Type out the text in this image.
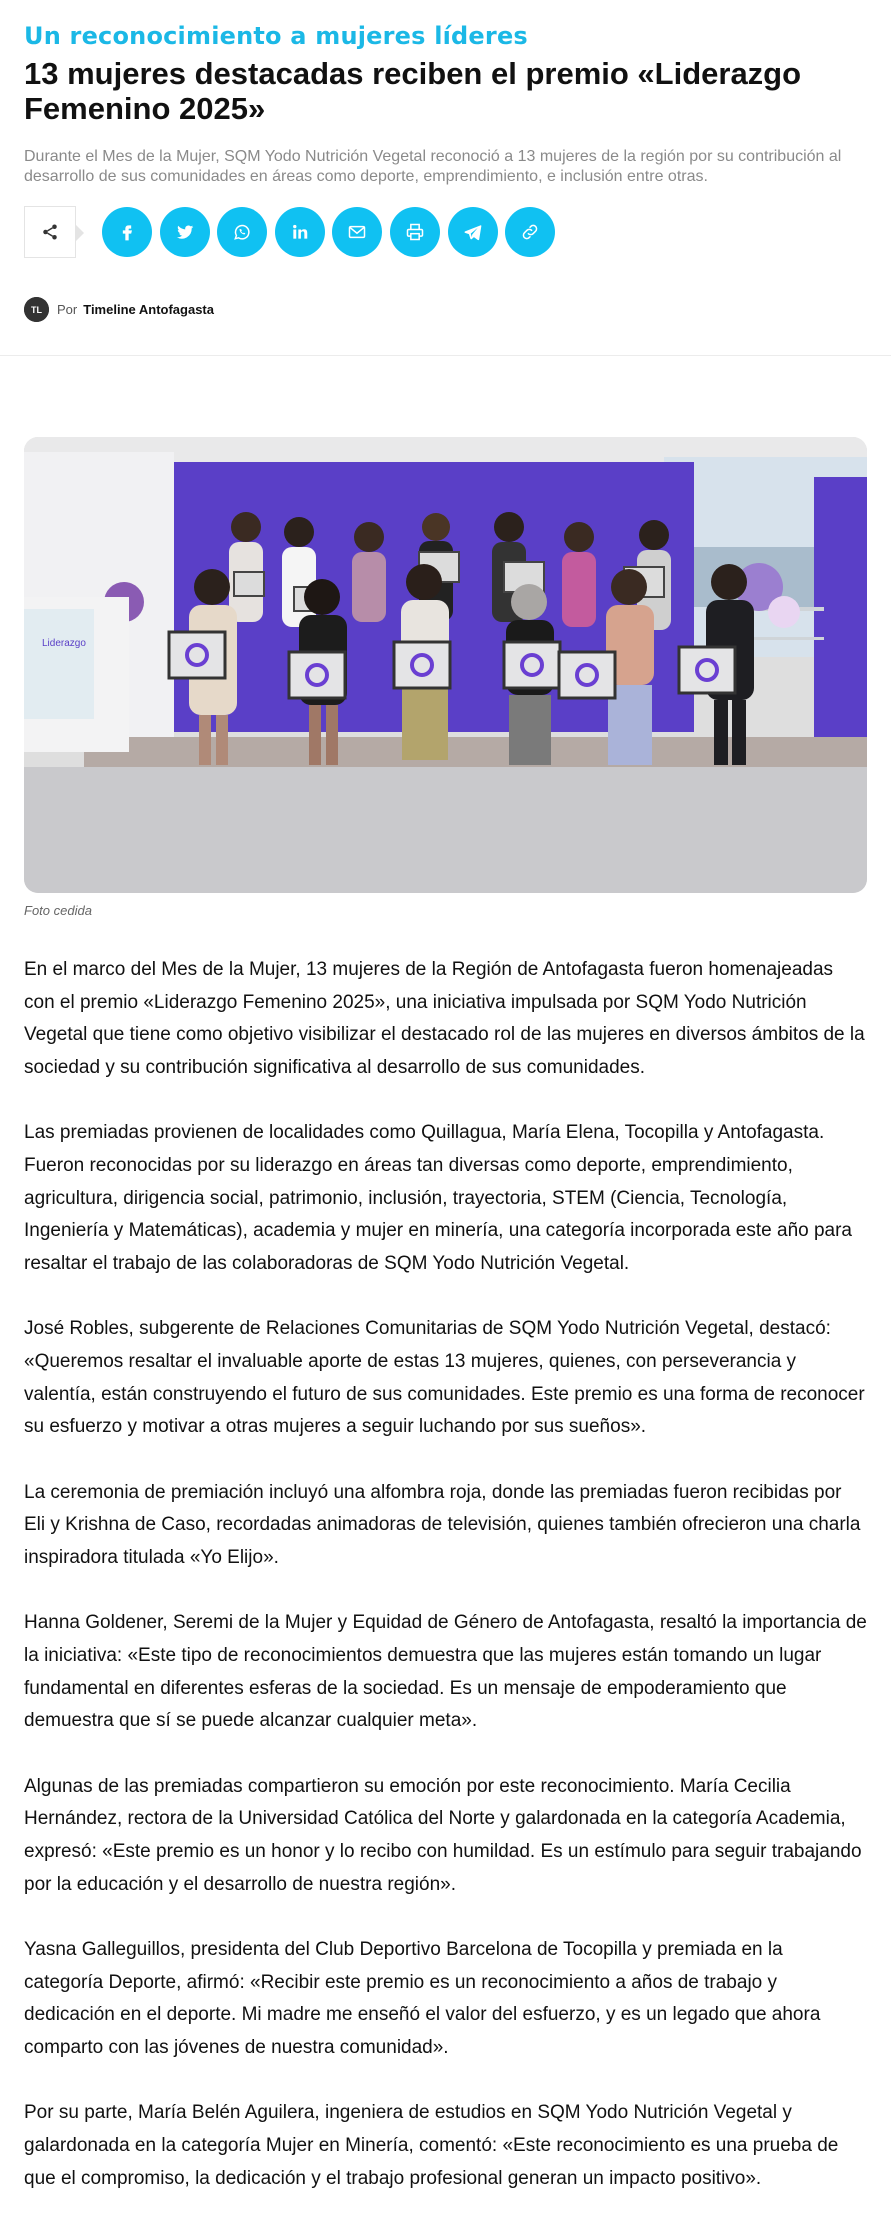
Un reconocimiento a mujeres líderes
13 mujeres destacadas reciben el premio «Liderazgo Femenino 2025»

Durante el Mes de la Mujer, SQM Yodo Nutrición Vegetal reconoció a 13 mujeres de la región por su contribución al desarrollo de sus comunidades en áreas como deporte, emprendimiento, e inclusión entre otras.

TL Por Timeline Antofagasta
Liderazgo
Foto cedida

En el marco del Mes de la Mujer, 13 mujeres de la Región de Antofagasta fueron homenajeadas con el premio «Liderazgo Femenino 2025», una iniciativa impulsada por SQM Yodo Nutrición Vegetal que tiene como objetivo visibilizar el destacado rol de las mujeres en diversos ámbitos de la sociedad y su contribución significativa al desarrollo de sus comunidades.

Las premiadas provienen de localidades como Quillagua, María Elena, Tocopilla y Antofagasta. Fueron reconocidas por su liderazgo en áreas tan diversas como deporte, emprendimiento, agricultura, dirigencia social, patrimonio, inclusión, trayectoria, STEM (Ciencia, Tecnología, Ingeniería y Matemáticas), academia y mujer en minería, una categoría incorporada este año para resaltar el trabajo de las colaboradoras de SQM Yodo Nutrición Vegetal.

José Robles, subgerente de Relaciones Comunitarias de SQM Yodo Nutrición Vegetal, destacó: «Queremos resaltar el invaluable aporte de estas 13 mujeres, quienes, con perseverancia y valentía, están construyendo el futuro de sus comunidades. Este premio es una forma de reconocer su esfuerzo y motivar a otras mujeres a seguir luchando por sus sueños».

La ceremonia de premiación incluyó una alfombra roja, donde las premiadas fueron recibidas por Eli y Krishna de Caso, recordadas animadoras de televisión, quienes también ofrecieron una charla inspiradora titulada «Yo Elijo».

Hanna Goldener, Seremi de la Mujer y Equidad de Género de Antofagasta, resaltó la importancia de la iniciativa: «Este tipo de reconocimientos demuestra que las mujeres están tomando un lugar fundamental en diferentes esferas de la sociedad. Es un mensaje de empoderamiento que demuestra que sí se puede alcanzar cualquier meta».

Algunas de las premiadas compartieron su emoción por este reconocimiento. María Cecilia Hernández, rectora de la Universidad Católica del Norte y galardonada en la categoría Academia, expresó: «Este premio es un honor y lo recibo con humildad. Es un estímulo para seguir trabajando por la educación y el desarrollo de nuestra región».

Yasna Galleguillos, presidenta del Club Deportivo Barcelona de Tocopilla y premiada en la categoría Deporte, afirmó: «Recibir este premio es un reconocimiento a años de trabajo y dedicación en el deporte. Mi madre me enseñó el valor del esfuerzo, y es un legado que ahora comparto con las jóvenes de nuestra comunidad».

Por su parte, María Belén Aguilera, ingeniera de estudios en SQM Yodo Nutrición Vegetal y galardonada en la categoría Mujer en Minería, comentó: «Este reconocimiento es una prueba de que el compromiso, la dedicación y el trabajo profesional generan un impacto positivo».
